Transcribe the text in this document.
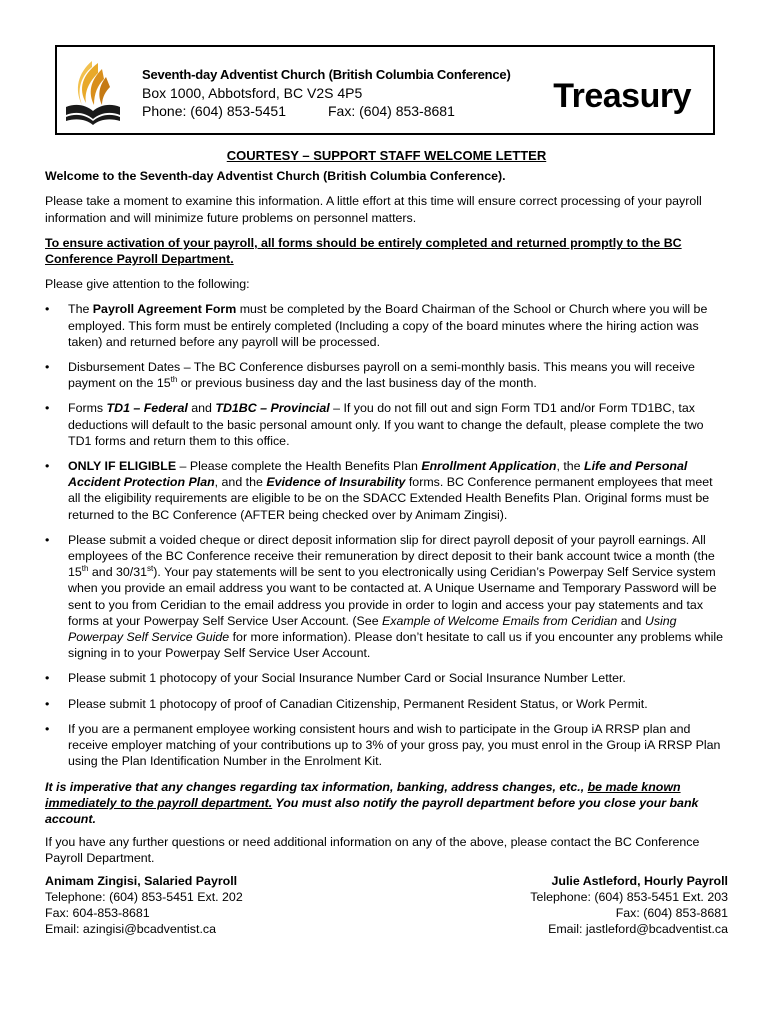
Seventh-day Adventist Church (British Columbia Conference)
Box 1000, Abbotsford, BC V2S 4P5
Phone: (604) 853-5451	Fax: (604) 853-8681	Treasury

COURTESY – SUPPORT STAFF WELCOME LETTER

Welcome to the Seventh-day Adventist Church (British Columbia Conference).

Please take a moment to examine this information. A little effort at this time will ensure correct processing of your payroll information and will minimize future problems on personnel matters.

To ensure activation of your payroll, all forms should be entirely completed and returned promptly to the BC Conference Payroll Department.

Please give attention to the following:

• The Payroll Agreement Form must be completed by the Board Chairman of the School or Church where you will be employed. This form must be entirely completed (Including a copy of the board minutes where the hiring action was taken) and returned before any payroll will be processed.
• Disbursement Dates – The BC Conference disburses payroll on a semi-monthly basis. This means you will receive payment on the 15th or previous business day and the last business day of the month.
• Forms TD1 – Federal and TD1BC – Provincial – If you do not fill out and sign Form TD1 and/or Form TD1BC, tax deductions will default to the basic personal amount only. If you want to change the default, please complete the two TD1 forms and return them to this office.
• ONLY IF ELIGIBLE – Please complete the Health Benefits Plan Enrollment Application, the Life and Personal Accident Protection Plan, and the Evidence of Insurability forms. BC Conference permanent employees that meet all the eligibility requirements are eligible to be on the SDACC Extended Health Benefits Plan. Original forms must be returned to the BC Conference (AFTER being checked over by Animam Zingisi).
• Please submit a voided cheque or direct deposit information slip for direct payroll deposit of your payroll earnings. All employees of the BC Conference receive their remuneration by direct deposit to their bank account twice a month (the 15th and 30/31st). Your pay statements will be sent to you electronically using Ceridian’s Powerpay Self Service system when you provide an email address you want to be contacted at. A Unique Username and Temporary Password will be sent to you from Ceridian to the email address you provide in order to login and access your pay statements and tax forms at your Powerpay Self Service User Account. (See Example of Welcome Emails from Ceridian and Using Powerpay Self Service Guide for more information). Please don’t hesitate to call us if you encounter any problems while signing in to your Powerpay Self Service User Account.
• Please submit 1 photocopy of your Social Insurance Number Card or Social Insurance Number Letter.
• Please submit 1 photocopy of proof of Canadian Citizenship, Permanent Resident Status, or Work Permit.
• If you are a permanent employee working consistent hours and wish to participate in the Group iA RRSP plan and receive employer matching of your contributions up to 3% of your gross pay, you must enrol in the Group iA RRSP Plan using the Plan Identification Number in the Enrolment Kit.

It is imperative that any changes regarding tax information, banking, address changes, etc., be made known immediately to the payroll department. You must also notify the payroll department before you close your bank account.

If you have any further questions or need additional information on any of the above, please contact the BC Conference Payroll Department.

Animam Zingisi, Salaried Payroll
Telephone: (604) 853-5451 Ext. 202
Fax: 604-853-8681
Email: azingisi@bcadventist.ca
Julie Astleford, Hourly Payroll
Telephone: (604) 853-5451 Ext. 203
Fax: (604) 853-8681
Email: jastleford@bcadventist.ca
